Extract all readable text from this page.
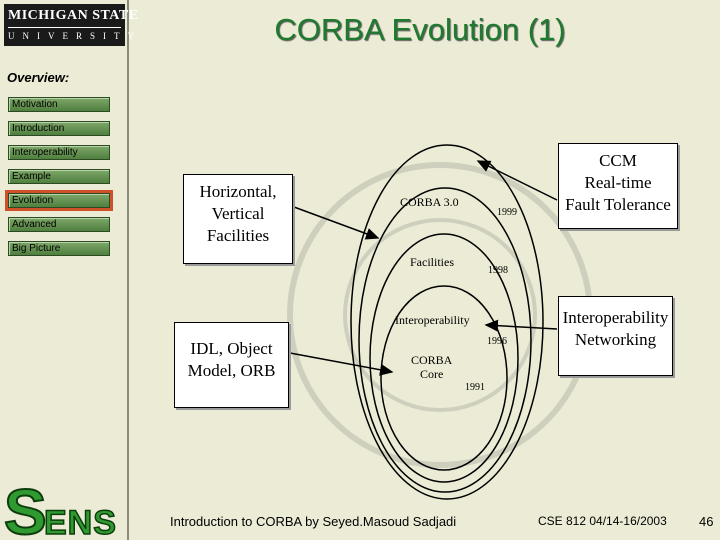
MICHIGAN STATE
UNIVERSITY
Overview:
Motivation
Introduction
Interoperability
Example
Evolution
Advanced
Big Picture
S
ENS
CORBA Evolution (1)
CORBA 3.0
1999
Facilities
1998
Interoperability
1996
CORBA
Core
1991
Horizontal,
Vertical
Facilities
IDL, Object
Model, ORB
CCM
Real-time
Fault Tolerance
Interoperability
Networking
Introduction to CORBA by Seyed.Masoud Sadjadi	CSE 812 04/14-16/2003 46
